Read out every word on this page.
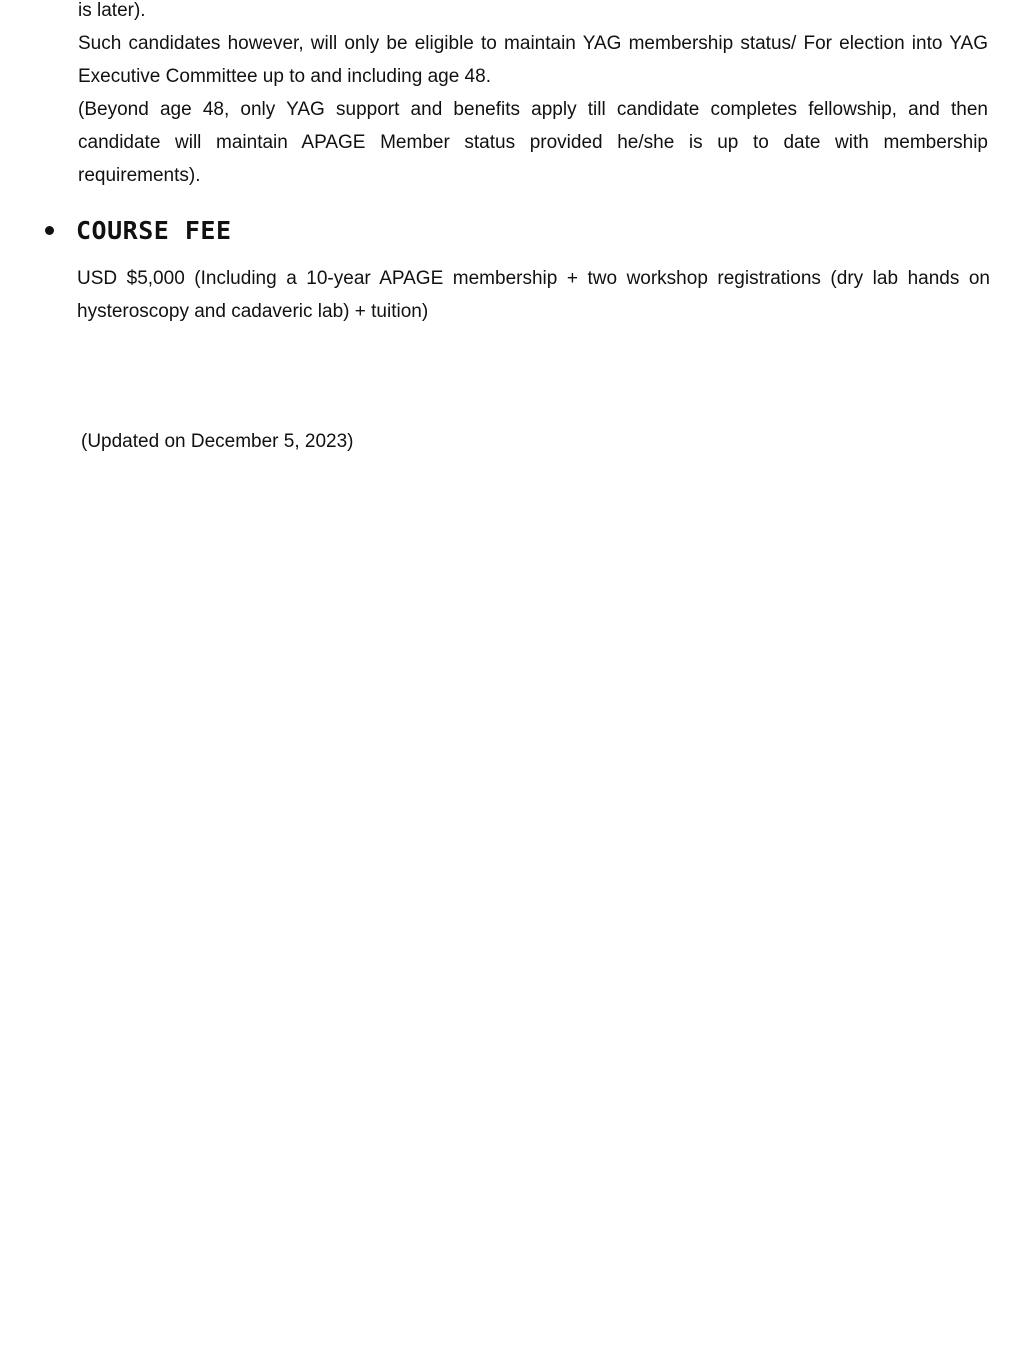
is later).

Such candidates however, will only be eligible to maintain YAG membership status/ For election into YAG Executive Committee up to and including age 48.

(Beyond age 48, only YAG support and benefits apply till candidate completes fellowship, and then candidate will maintain APAGE Member status provided he/she is up to date with membership requirements).

COURSE FEE

USD $5,000 (Including a 10-year APAGE membership + two workshop registrations (dry lab hands on hysteroscopy and cadaveric lab) + tuition)

(Updated on December 5, 2023)
